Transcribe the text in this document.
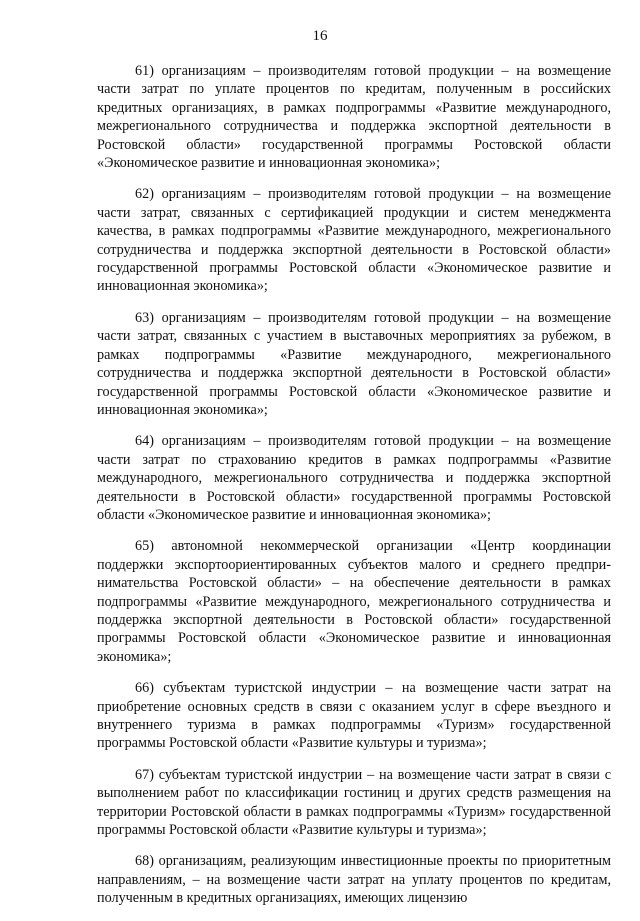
16

61) организациям – производителям готовой продукции – на возмещение части затрат по уплате процентов по кредитам, полученным в российских кредитных организациях, в рамках подпрограммы «Развитие международного, межрегионального сотрудничества и поддержка экспортной деятельности в Ростовской области» государственной программы Ростовской области «Экономическое развитие и инновационная экономика»;

62) организациям – производителям готовой продукции – на возмещение части затрат, связанных с сертификацией продукции и систем менеджмента качества, в рамках подпрограммы «Развитие международного, межрегионального сотрудничества и поддержка экспортной деятельности в Ростовской области» государственной программы Ростовской области «Экономическое развитие и инновационная экономика»;

63) организациям – производителям готовой продукции – на возмещение части затрат, связанных с участием в выставочных мероприятиях за рубежом, в рамках подпрограммы «Развитие международного, межрегионального сотрудничества и поддержка экспортной деятельности в Ростовской области» государственной программы Ростовской области «Экономическое развитие и инновационная экономика»;

64) организациям – производителям готовой продукции – на возмещение части затрат по страхованию кредитов в рамках подпрограммы «Развитие международного, межрегионального сотрудничества и поддержка экспортной деятельности в Ростовской области» государственной программы Ростовской области «Экономическое развитие и инновационная экономика»;

65) автономной некоммерческой организации «Центр координации поддержки экспортоориентированных субъектов малого и среднего предпринимательства Ростовской области» – на обеспечение деятельности в рамках подпрограммы «Развитие международного, межрегионального сотрудничества и поддержка экспортной деятельности в Ростовской области» государственной программы Ростовской области «Экономическое развитие и инновационная экономика»;

66) субъектам туристской индустрии – на возмещение части затрат на приобретение основных средств в связи с оказанием услуг в сфере въездного и внутреннего туризма в рамках подпрограммы «Туризм» государственной программы Ростовской области «Развитие культуры и туризма»;

67) субъектам туристской индустрии – на возмещение части затрат в связи с выполнением работ по классификации гостиниц и других средств размещения на территории Ростовской области в рамках подпрограммы «Туризм» государственной программы Ростовской области «Развитие культуры и туризма»;

68) организациям, реализующим инвестиционные проекты по приоритетным направлениям, – на возмещение части затрат на уплату процентов по кредитам, полученным в кредитных организациях, имеющих лицензию
